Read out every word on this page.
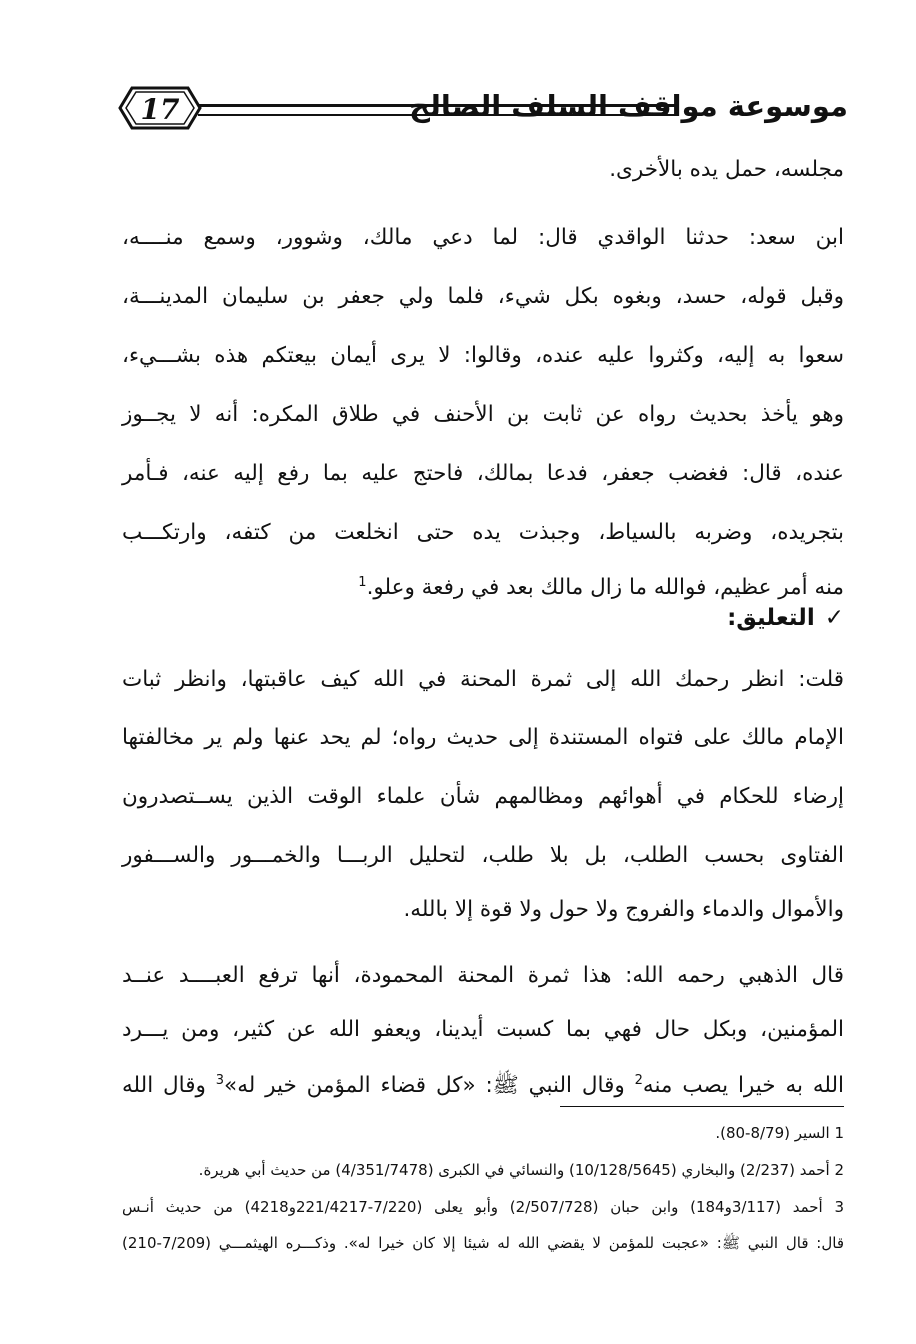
17	موسوعة مواقف السلف الصالح
مجلسه، حمل يده بالأخرى.
ابن سعد: حدثنا الواقدي قال: لما دعي مالك، وشوور، وسمع منــــه،
وقبل قوله، حسد، وبغوه بكل شيء، فلما ولي جعفر بن سليمان المدينـــة،
سعوا به إليه، وكثروا عليه عنده، وقالوا: لا يرى أيمان بيعتكم هذه بشـــيء،
وهو يأخذ بحديث رواه عن ثابت بن الأحنف في طلاق المكره: أنه لا يجــوز
عنده، قال: فغضب جعفر، فدعا بمالك، فاحتج عليه بما رفع إليه عنه، فـأمر
بتجريده، وضربه بالسياط، وجبذت يده حتى انخلعت من كتفه، وارتكـــب
منه أمر عظيم، فوالله ما زال مالك بعد في رفعة وعلو.$^1$
✓التعليق:
قلت: انظر رحمك الله إلى ثمرة المحنة في الله كيف عاقبتها، وانظر ثبات
الإمام مالك على فتواه المستندة إلى حديث رواه؛ لم يحد عنها ولم ير مخالفتها
إرضاء للحكام في أهوائهم ومظالمهم شأن علماء الوقت الذين يســتصدرون
الفتاوى بحسب الطلب، بل بلا طلب، لتحليل الربـــا والخمـــور والســـفور
والأموال والدماء والفروج ولا حول ولا قوة إلا بالله.
قال الذهبي رحمه الله: هذا ثمرة المحنة المحمودة، أنها ترفع العبــــد عنــد
المؤمنين، وبكل حال فهي بما كسبت أيدينا، ويعفو الله عن كثير، ومن يـــرد
الله به خيرا يصب منه$^2$ وقال النبي ﷺ: «كل قضاء المؤمن خير له»$^3$ وقال الله
1 السير (8/79-80).
2 أحمد (2/237) والبخاري (10/128/5645) والنسائي في الكبرى (4/351/7478) من حديث أبي هريرة.
3 أحمد (3/117و184) وابن حبان (2/507/728) وأبو يعلى (7/220-221/4217و4218) من حديث أنـس
قال: قال النبي ﷺ: «عجبت للمؤمن لا يقضي الله له شيئا إلا كان خيرا له». وذكـــره الهيثمـــي (7/209-210)
